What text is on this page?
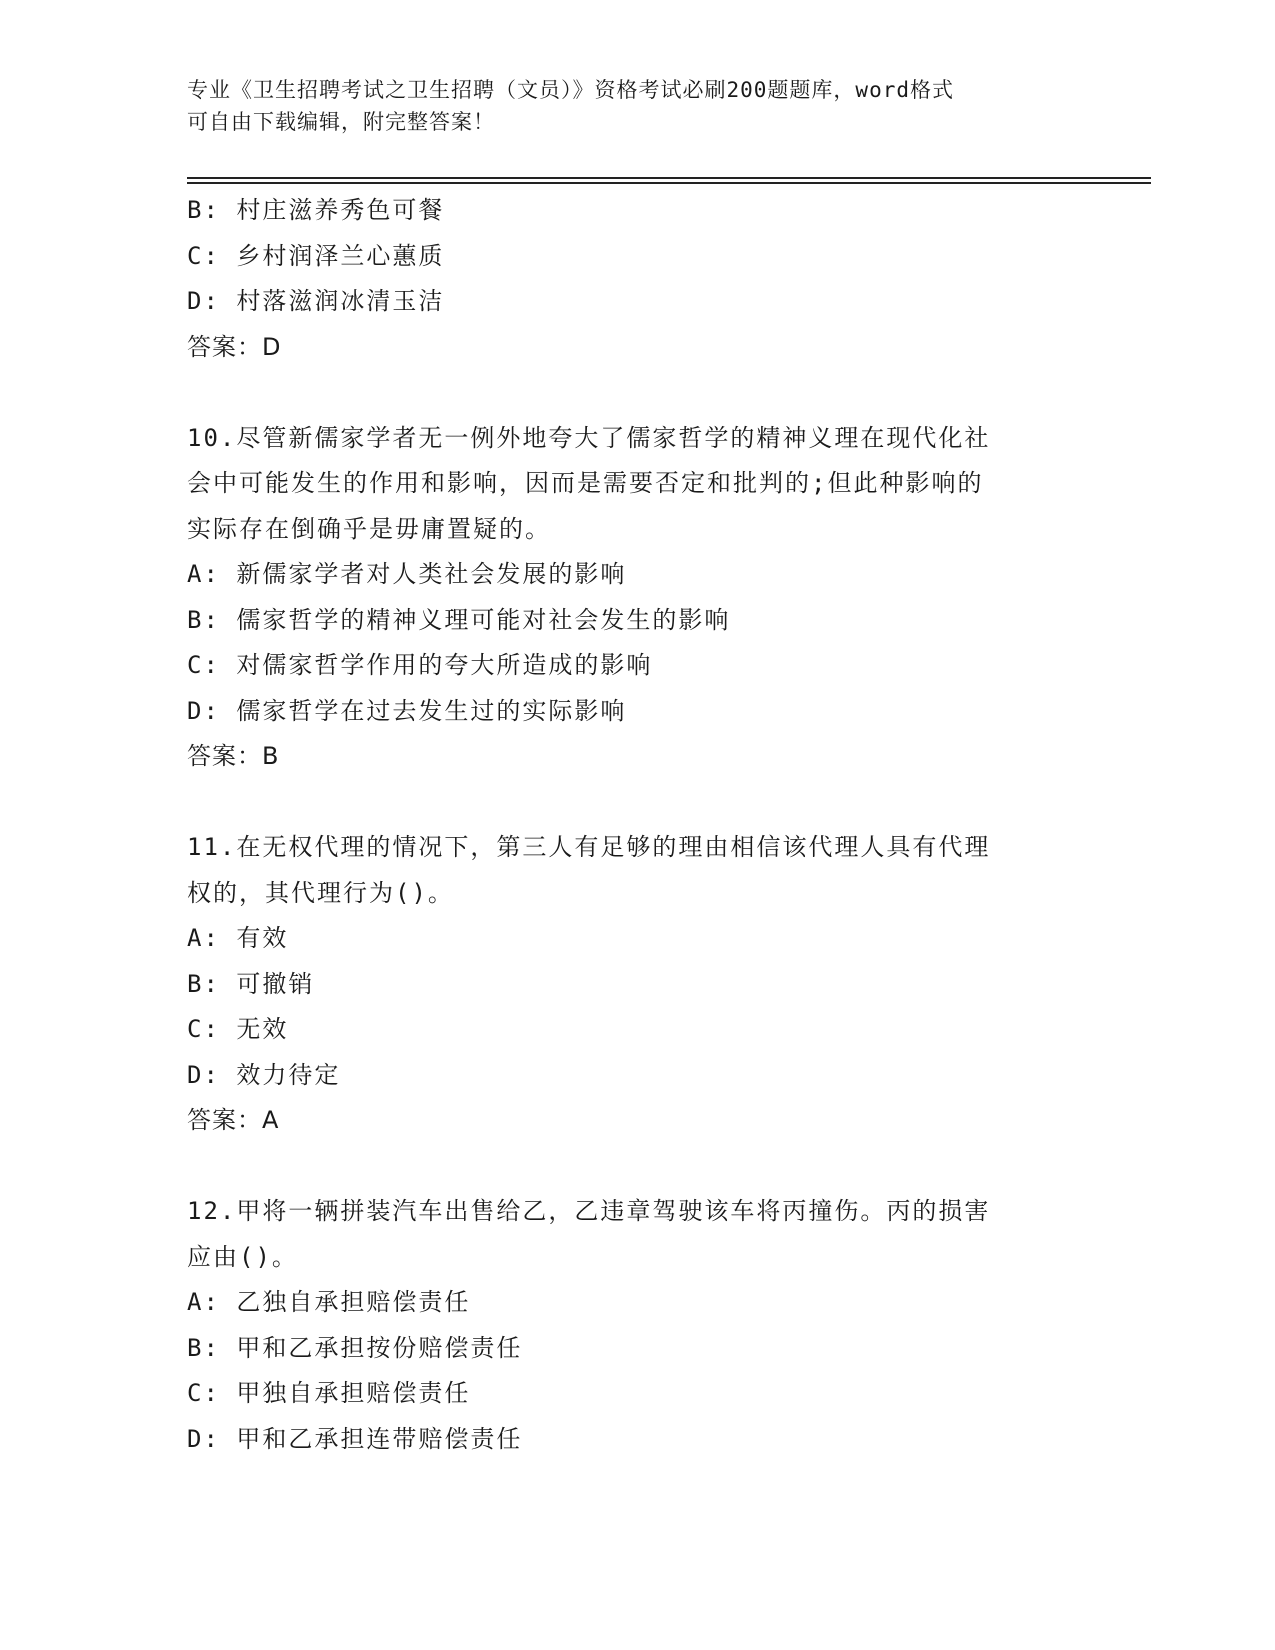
专业《卫生招聘考试之卫生招聘（文员）》资格考试必刷200题题库，word格式
可自由下载编辑，附完整答案！
B: 村庄滋养秀色可餐
C: 乡村润泽兰心蕙质
D: 村落滋润冰清玉洁
答案：D
10.尽管新儒家学者无一例外地夸大了儒家哲学的精神义理在现代化社
会中可能发生的作用和影响，因而是需要否定和批判的;但此种影响的
实际存在倒确乎是毋庸置疑的。
A: 新儒家学者对人类社会发展的影响
B: 儒家哲学的精神义理可能对社会发生的影响
C: 对儒家哲学作用的夸大所造成的影响
D: 儒家哲学在过去发生过的实际影响
答案：B
11.在无权代理的情况下，第三人有足够的理由相信该代理人具有代理
权的，其代理行为()。
A: 有效
B: 可撤销
C: 无效
D: 效力待定
答案：A
12.甲将一辆拼装汽车出售给乙，乙违章驾驶该车将丙撞伤。丙的损害
应由()。
A: 乙独自承担赔偿责任
B: 甲和乙承担按份赔偿责任
C: 甲独自承担赔偿责任
D: 甲和乙承担连带赔偿责任
